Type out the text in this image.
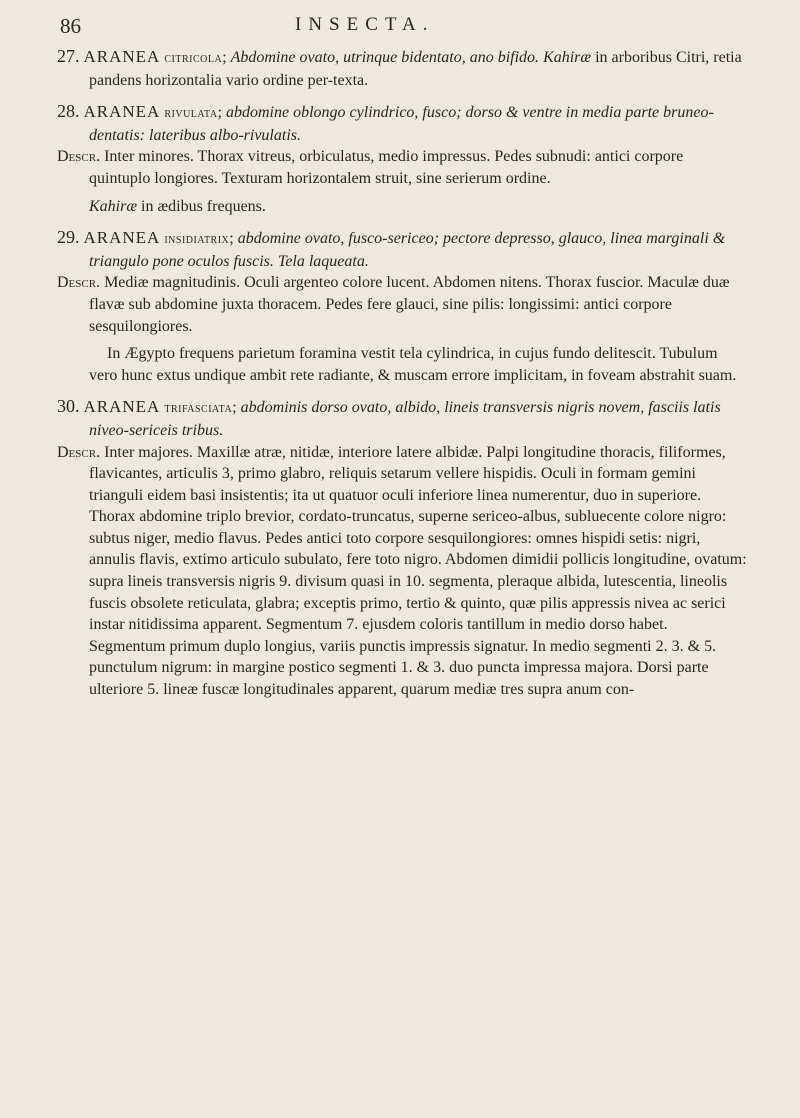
86	INSECTA.

27. ARANEA citricola; Abdomine ovato, utrinque bidentato, ano bifido. Kahiræ in arboribus Citri, retia pandens horizontalia vario ordine per-texta.

28. ARANEA rivulata; abdomine oblongo cylindrico, fusco; dorso & ventre in media parte bruneo-dentatis: lateribus albo-rivulatis.

Descr. Inter minores. Thorax vitreus, orbiculatus, medio impressus. Pedes subnudi: antici corpore quintuplo longiores. Texturam horizontalem struit, sine serierum ordine.

Kahiræ in ædibus frequens.

29. ARANEA insidiatrix; abdomine ovato, fusco-sericeo; pectore depresso, glauco, linea marginali & triangulo pone oculos fuscis. Tela laqueata.

Descr. Mediæ magnitudinis. Oculi argenteo colore lucent. Abdomen nitens. Thorax fuscior. Maculæ duæ flavæ sub abdomine juxta thoracem. Pedes fere glauci, sine pilis: longissimi: antici corpore sesquilongiores.

In Ægypto frequens parietum foramina vestit tela cylindrica, in cujus fundo delitescit. Tubulum vero hunc extus undique ambit rete radiante, & muscam errore implicitam, in foveam abstrahit suam.

30. ARANEA trifasciata; abdominis dorso ovato, albido, lineis transversis nigris novem, fasciis latis niveo-sericeis tribus.

Descr. Inter majores. Maxillæ atræ, nitidæ, interiore latere albidæ. Palpi longitudine thoracis, filiformes, flavicantes, articulis 3, primo glabro, reliquis setarum vellere hispidis. Oculi in formam gemini trianguli eidem basi insistentis; ita ut quatuor oculi inferiore linea numerentur, duo in superiore. Thorax abdomine triplo brevior, cordato-truncatus, superne sericeo-albus, subluecente colore nigro: subtus niger, medio flavus. Pedes antici toto corpore sesquilongiores: omnes hispidi setis: nigri, annulis flavis, extimo articulo subulato, fere toto nigro. Abdomen dimidii pollicis longitudine, ovatum: supra lineis transversis nigris 9. divisum quasi in 10. segmenta, pleraque albida, lutescentia, lineolis fuscis obsolete reticulata, glabra; exceptis primo, tertio & quinto, quæ pilis appressis nivea ac serici instar nitidissima apparent. Segmentum 7. ejusdem coloris tantillum in medio dorso habet. Segmentum primum duplo longius, variis punctis impressis signatur. In medio segmenti 2. 3. & 5. punctulum nigrum: in margine postico segmenti 1. & 3. duo puncta impressa majora. Dorsi parte ulteriore 5. lineæ fuscæ longitudinales apparent, quarum mediæ tres supra anum con-
